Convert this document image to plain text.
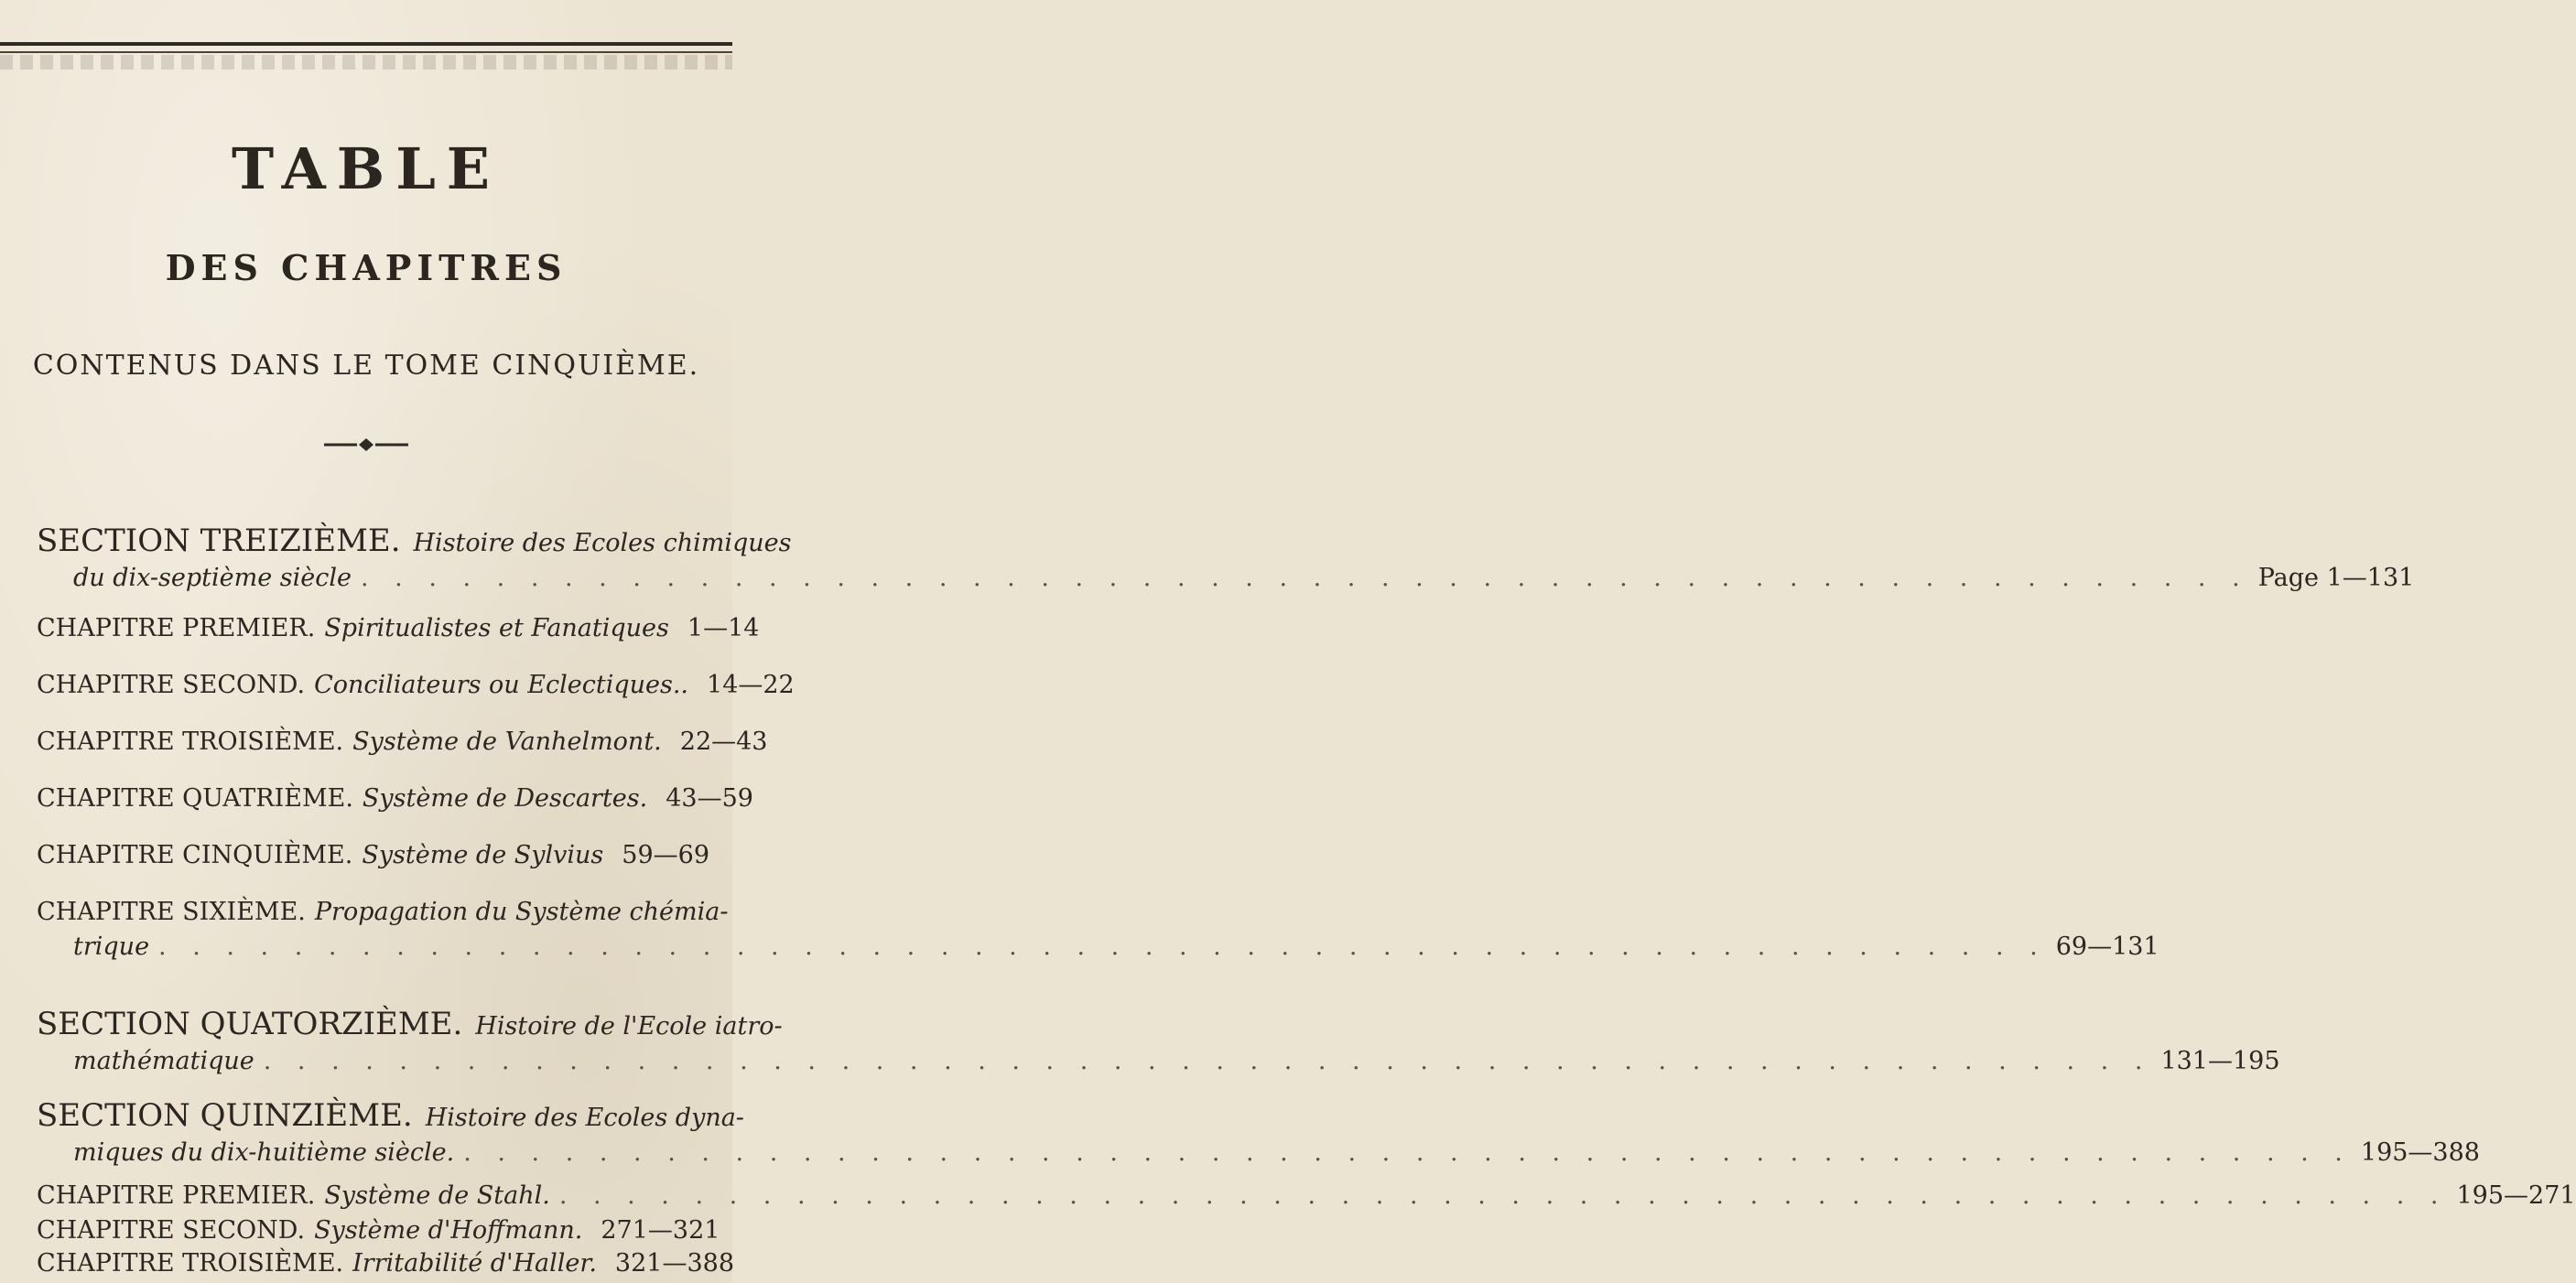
TABLE
DES CHAPITRES
CONTENUS DANS LE TOME CINQUIÈME.
SECTION TREIZIÈME. Histoire des Ecoles chimiques
du dix-septième siècle . . .	Page 1—131
CHAPITRE PREMIER. Spiritualistes et Fanatiques 1—14
CHAPITRE SECOND. Conciliateurs ou Eclectiques.. 14—22
CHAPITRE TROISIÈME. Système de Vanhelmont. 22—43
CHAPITRE QUATRIÈME. Système de Descartes. 43—59
CHAPITRE CINQUIÈME. Système de Sylvius 59—69
CHAPITRE SIXIÈME. Propagation du Système chémia-
trique . . .	69—131
SECTION QUATORZIÈME. Histoire de l'Ecole iatro-
mathématique . . .	131—195
SECTION QUINZIÈME. Histoire des Ecoles dyna-
miques du dix-huitième siècle. . . .	195—388
CHAPITRE PREMIER. Système de Stahl. . . .	195—271
CHAPITRE SECOND. Système d'Hoffmann. 271—321
CHAPITRE TROISIÈME. Irritabilité d'Haller. 321—388
